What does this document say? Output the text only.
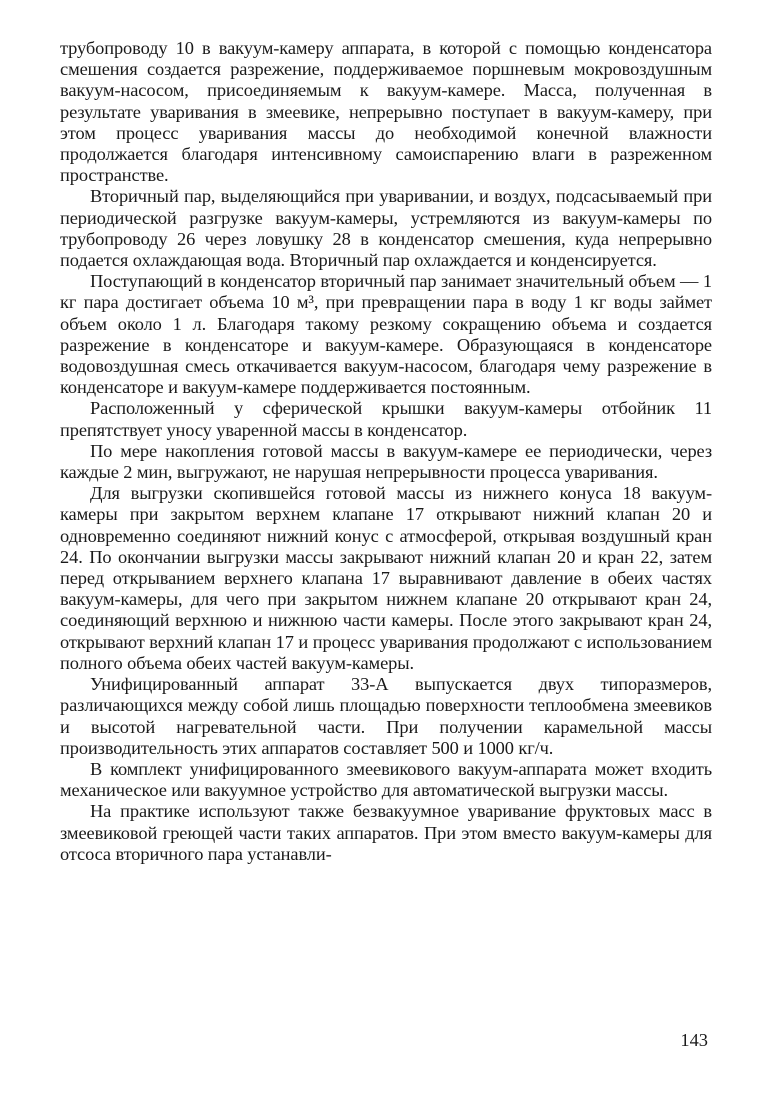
трубопроводу 10 в вакуум-камеру аппарата, в которой с помощью конденсатора смешения создается разрежение, поддерживаемое поршневым мокровоздушным вакуум-насосом, присоединяемым к вакуум-камере. Масса, полученная в результате уваривания в змеевике, непрерывно поступает в вакуум-камеру, при этом процесс уваривания массы до необходимой конечной влажности продолжается благодаря интенсивному самоиспарению влаги в разреженном пространстве.

Вторичный пар, выделяющийся при уваривании, и воздух, подсасываемый при периодической разгрузке вакуум-камеры, устремляются из вакуум-камеры по трубопроводу 26 через ловушку 28 в конденсатор смешения, куда непрерывно подается охлаждающая вода. Вторичный пар охлаждается и конденсируется.

Поступающий в конденсатор вторичный пар занимает значительный объем — 1 кг пара достигает объема 10 м³, при превращении пара в воду 1 кг воды займет объем около 1 л. Благодаря такому резкому сокращению объема и создается разрежение в конденсаторе и вакуум-камере. Образующаяся в конденсаторе водовоздушная смесь откачивается вакуум-насосом, благодаря чему разрежение в конденсаторе и вакуум-камере поддерживается постоянным.

Расположенный у сферической крышки вакуум-камеры отбойник 11 препятствует уносу уваренной массы в конденсатор.

По мере накопления готовой массы в вакуум-камере ее периодически, через каждые 2 мин, выгружают, не нарушая непрерывности процесса уваривания.

Для выгрузки скопившейся готовой массы из нижнего конуса 18 вакуум-камеры при закрытом верхнем клапане 17 открывают нижний клапан 20 и одновременно соединяют нижний конус с атмосферой, открывая воздушный кран 24. По окончании выгрузки массы закрывают нижний клапан 20 и кран 22, затем перед открыванием верхнего клапана 17 выравнивают давление в обеих частях вакуум-камеры, для чего при закрытом нижнем клапане 20 открывают кран 24, соединяющий верхнюю и нижнюю части камеры. После этого закрывают кран 24, открывают верхний клапан 17 и процесс уваривания продолжают с использованием полного объема обеих частей вакуум-камеры.

Унифицированный аппарат 33-А выпускается двух типоразмеров, различающихся между собой лишь площадью поверхности теплообмена змеевиков и высотой нагревательной части. При получении карамельной массы производительность этих аппаратов составляет 500 и 1000 кг/ч.

В комплект унифицированного змеевикового вакуум-аппарата может входить механическое или вакуумное устройство для автоматической выгрузки массы.

На практике используют также безвакуумное уваривание фруктовых масс в змеевиковой греющей части таких аппаратов. При этом вместо вакуум-камеры для отсоса вторичного пара устанавли-

143
